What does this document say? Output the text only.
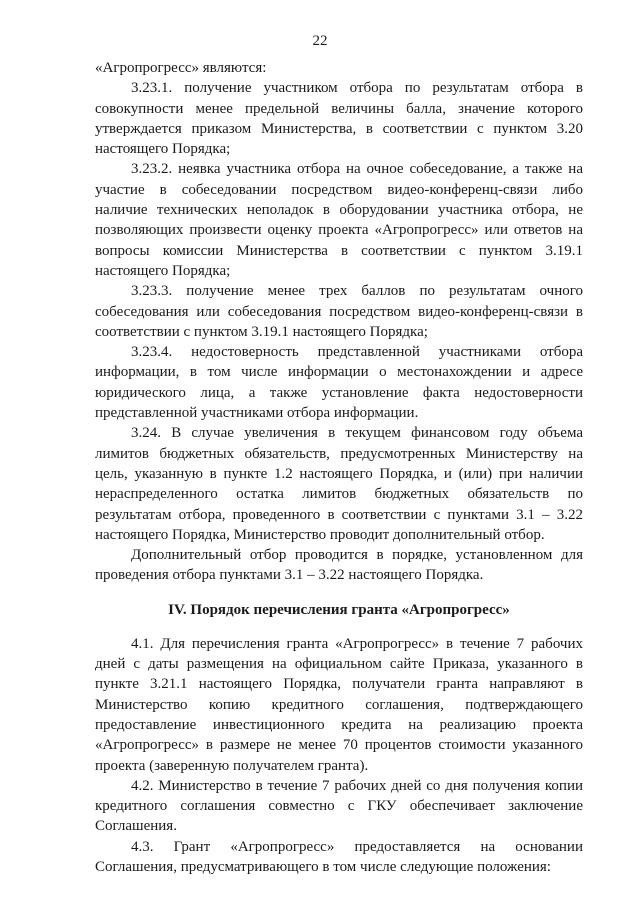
22

«Агропрогресс» являются:

3.23.1. получение участником отбора по результатам отбора в совокупности менее предельной величины балла, значение которого утверждается приказом Министерства, в соответствии с пунктом 3.20 настоящего Порядка;

3.23.2. неявка участника отбора на очное собеседование, а также на участие в собеседовании посредством видео-конференц-связи либо наличие технических неполадок в оборудовании участника отбора, не позволяющих произвести оценку проекта «Агропрогресс» или ответов на вопросы комиссии Министерства в соответствии с пунктом 3.19.1 настоящего Порядка;

3.23.3. получение менее трех баллов по результатам очного собеседования или собеседования посредством видео-конференц-связи в соответствии с пунктом 3.19.1 настоящего Порядка;

3.23.4. недостоверность представленной участниками отбора информации, в том числе информации о местонахождении и адресе юридического лица, а также установление факта недостоверности представленной участниками отбора информации.

3.24. В случае увеличения в текущем финансовом году объема лимитов бюджетных обязательств, предусмотренных Министерству на цель, указанную в пункте 1.2 настоящего Порядка, и (или) при наличии нераспределенного остатка лимитов бюджетных обязательств по результатам отбора, проведенного в соответствии с пунктами 3.1 – 3.22 настоящего Порядка, Министерство проводит дополнительный отбор.

Дополнительный отбор проводится в порядке, установленном для проведения отбора пунктами 3.1 – 3.22 настоящего Порядка.

IV. Порядок перечисления гранта «Агропрогресс»

4.1. Для перечисления гранта «Агропрогресс» в течение 7 рабочих дней с даты размещения на официальном сайте Приказа, указанного в пункте 3.21.1 настоящего Порядка, получатели гранта направляют в Министерство копию кредитного соглашения, подтверждающего предоставление инвестиционного кредита на реализацию проекта «Агропрогресс» в размере не менее 70 процентов стоимости указанного проекта (заверенную получателем гранта).

4.2. Министерство в течение 7 рабочих дней со дня получения копии кредитного соглашения совместно с ГКУ обеспечивает заключение Соглашения.

4.3. Грант «Агропрогресс» предоставляется на основании Соглашения, предусматривающего в том числе следующие положения:
